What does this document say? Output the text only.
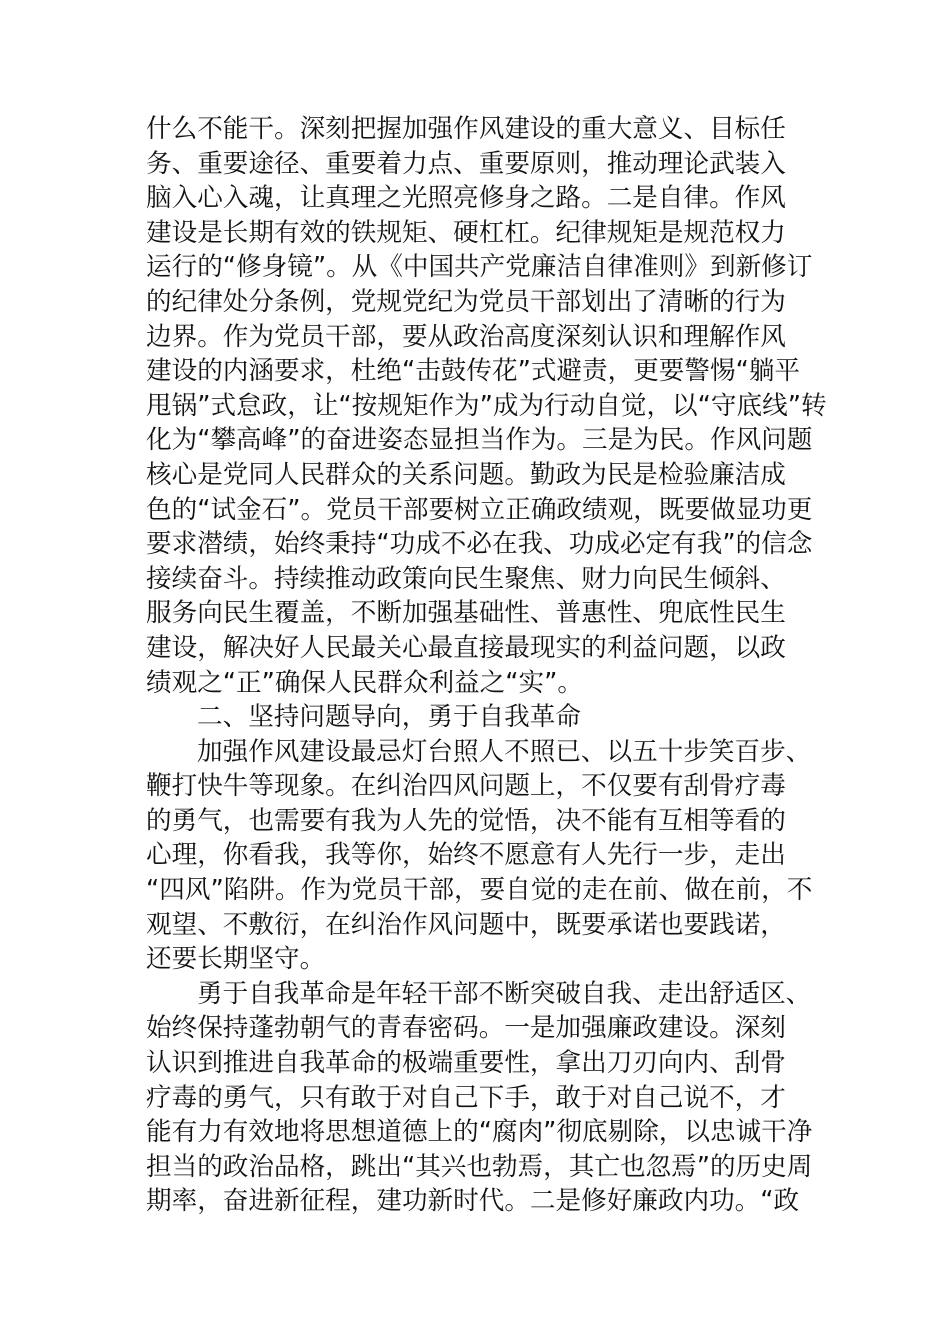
什么不能干。深刻把握加强作风建设的重大意义、目标任
务、重要途径、重要着力点、重要原则，推动理论武装入
脑入心入魂，让真理之光照亮修身之路。二是自律。作风
建设是长期有效的铁规矩、硬杠杠。纪律规矩是规范权力
运行的“修身镜”。从《中国共产党廉洁自律准则》到新修订
的纪律处分条例，党规党纪为党员干部划出了清晰的行为
边界。作为党员干部，要从政治高度深刻认识和理解作风
建设的内涵要求，杜绝“击鼓传花”式避责，更要警惕“躺平
甩锅”式怠政，让“按规矩作为”成为行动自觉，以“守底线”转
化为“攀高峰”的奋进姿态显担当作为。三是为民。作风问题
核心是党同人民群众的关系问题。勤政为民是检验廉洁成
色的“试金石”。党员干部要树立正确政绩观，既要做显功更
要求潜绩，始终秉持“功成不必在我、功成必定有我”的信念
接续奋斗。持续推动政策向民生聚焦、财力向民生倾斜、
服务向民生覆盖，不断加强基础性、普惠性、兜底性民生
建设，解决好人民最关心最直接最现实的利益问题，以政
绩观之“正”确保人民群众利益之“实”。
二、坚持问题导向，勇于自我革命
加强作风建设最忌灯台照人不照已、以五十步笑百步、
鞭打快牛等现象。在纠治四风问题上，不仅要有刮骨疗毒
的勇气，也需要有我为人先的觉悟，决不能有互相等看的
心理，你看我，我等你，始终不愿意有人先行一步，走出
“四风”陷阱。作为党员干部，要自觉的走在前、做在前，不
观望、不敷衍，在纠治作风问题中，既要承诺也要践诺，
还要长期坚守。
勇于自我革命是年轻干部不断突破自我、走出舒适区、
始终保持蓬勃朝气的青春密码。一是加强廉政建设。深刻
认识到推进自我革命的极端重要性，拿出刀刃向内、刮骨
疗毒的勇气，只有敢于对自己下手，敢于对自己说不，才
能有力有效地将思想道德上的“腐肉”彻底剔除，以忠诚干净
担当的政治品格，跳出“其兴也勃焉，其亡也忽焉”的历史周
期率，奋进新征程，建功新时代。二是修好廉政内功。“政
